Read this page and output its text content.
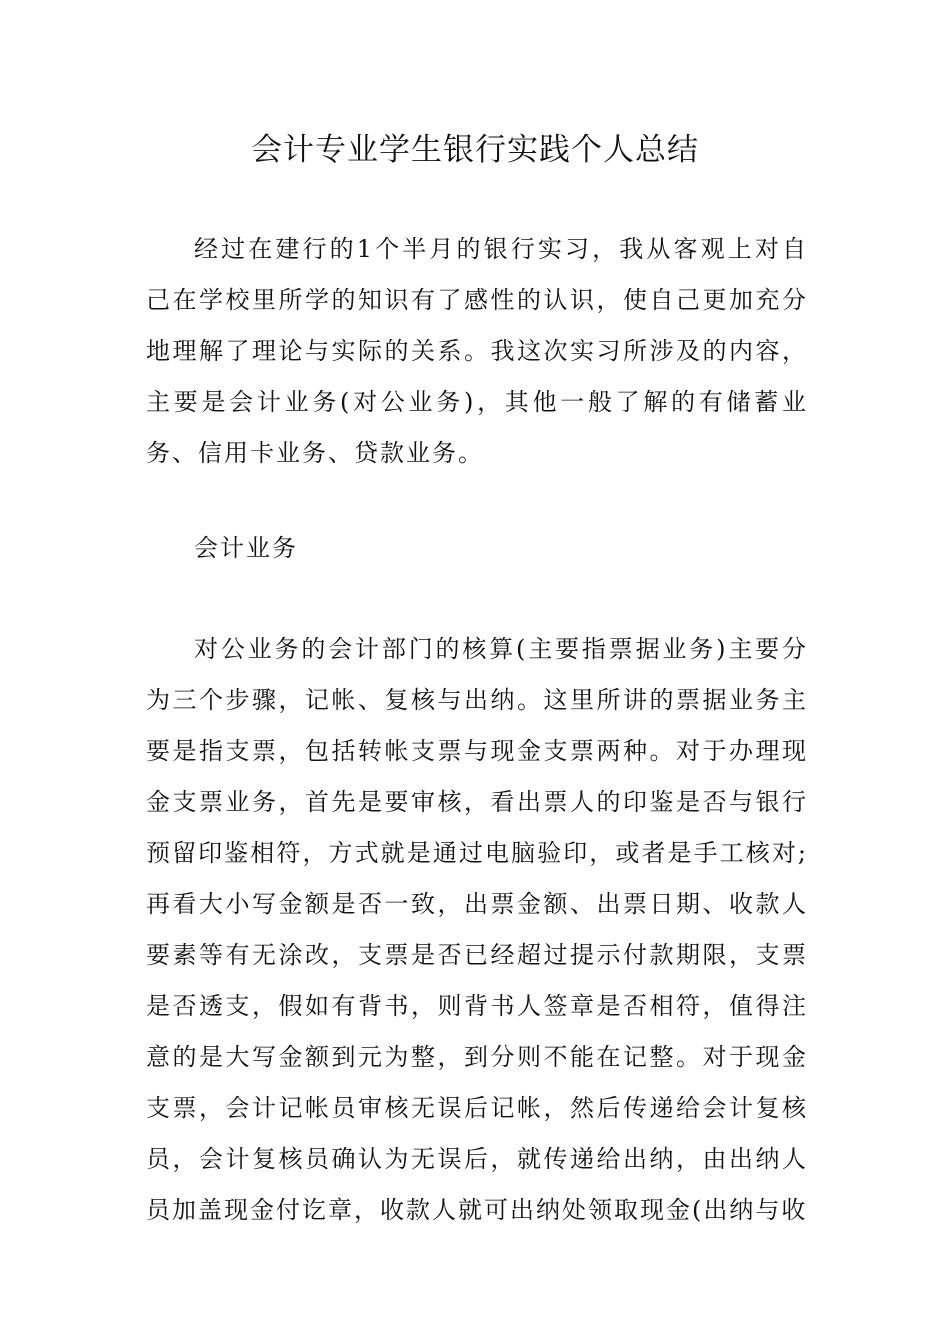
会计专业学生银行实践个人总结

经过在建行的1个半月的银行实习，我从客观上对自己在学校里所学的知识有了感性的认识，使自己更加充分地理解了理论与实际的关系。我这次实习所涉及的内容，主要是会计业务(对公业务)，其他一般了解的有储蓄业务、信用卡业务、贷款业务。

会计业务

对公业务的会计部门的核算(主要指票据业务)主要分为三个步骤，记帐、复核与出纳。这里所讲的票据业务主要是指支票，包括转帐支票与现金支票两种。对于办理现金支票业务，首先是要审核，看出票人的印鉴是否与银行预留印鉴相符，方式就是通过电脑验印，或者是手工核对;再看大小写金额是否一致，出票金额、出票日期、收款人要素等有无涂改，支票是否已经超过提示付款期限，支票是否透支，假如有背书，则背书人签章是否相符，值得注意的是大写金额到元为整，到分则不能在记整。对于现金支票，会计记帐员审核无误后记帐，然后传递给会计复核员，会计复核员确认为无误后，就传递给出纳，由出纳人员加盖现金付讫章，收款人就可出纳处领取现金(出纳与收
